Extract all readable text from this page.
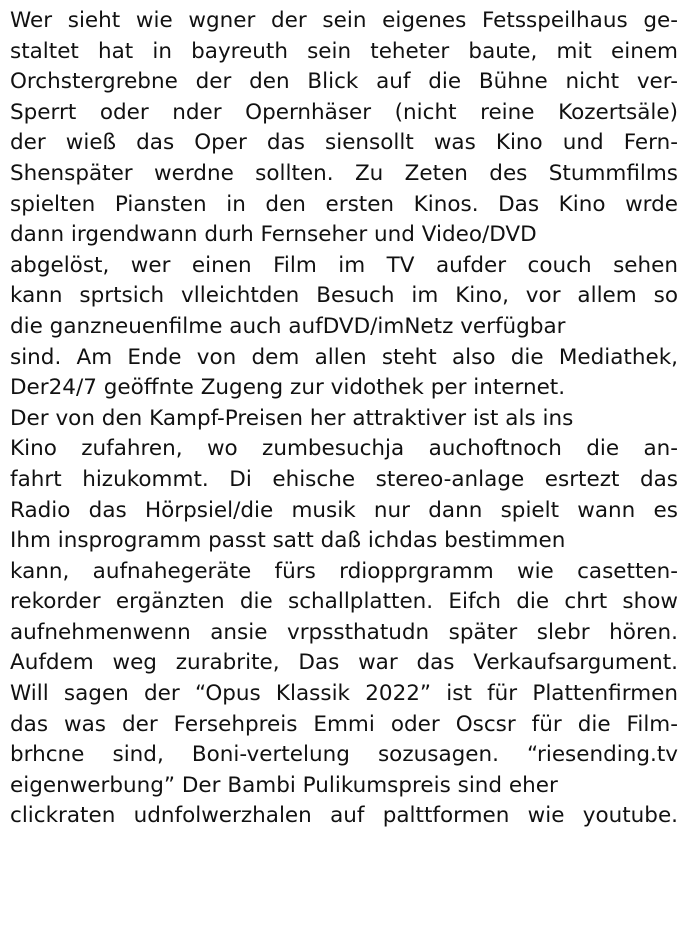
Wer sieht wie wgner der sein eigenes Fetsspeilhaus ge-
staltet hat in bayreuth sein teheter baute, mit einem
Orchstergrebne der den Blick auf die Bühne nicht ver-
Sperrt oder nder Opernhäser (nicht reine Kozertsäle)
der wieß das Oper das siensollt was Kino und Fern-
Shenspäter werdne sollten. Zu Zeten des Stummfilms
spielten Piansten in den ersten Kinos. Das Kino wrde
dann irgendwann durh Fernseher und Video/DVD
abgelöst, wer einen Film im TV aufder couch sehen
kann sprtsich vlleichtden Besuch im Kino, vor allem so
die ganzneuenfilme auch aufDVD/imNetz verfügbar
sind. Am Ende von dem allen steht also die Mediathek,
Der24/7 geöffnte Zugeng zur vidothek per internet.
Der von den Kampf-Preisen her attraktiver ist als ins
Kino zufahren, wo zumbesuchja auchoftnoch die an-
fahrt hizukommt. Di ehische stereo-anlage esrtezt das
Radio das Hörpsiel/die musik nur dann spielt wann es
Ihm insprogramm passt satt daß ichdas bestimmen
kann, aufnahegeräte fürs rdiopprgramm wie casetten-
rekorder ergänzten die schallplatten. Eifch die chrt show
aufnehmenwenn ansie vrpssthatudn später slebr hören.
Aufdem weg zurabrite, Das war das Verkaufsargument.
Will sagen der “Opus Klassik 2022” ist für Plattenfirmen
das was der Fersehpreis Emmi oder Oscsr für die Film-
brhcne sind, Boni-vertelung sozusagen. “riesending.tv
eigenwerbung” Der Bambi Pulikumspreis sind eher
clickraten udnfolwerzhalen auf palttformen wie youtube.
